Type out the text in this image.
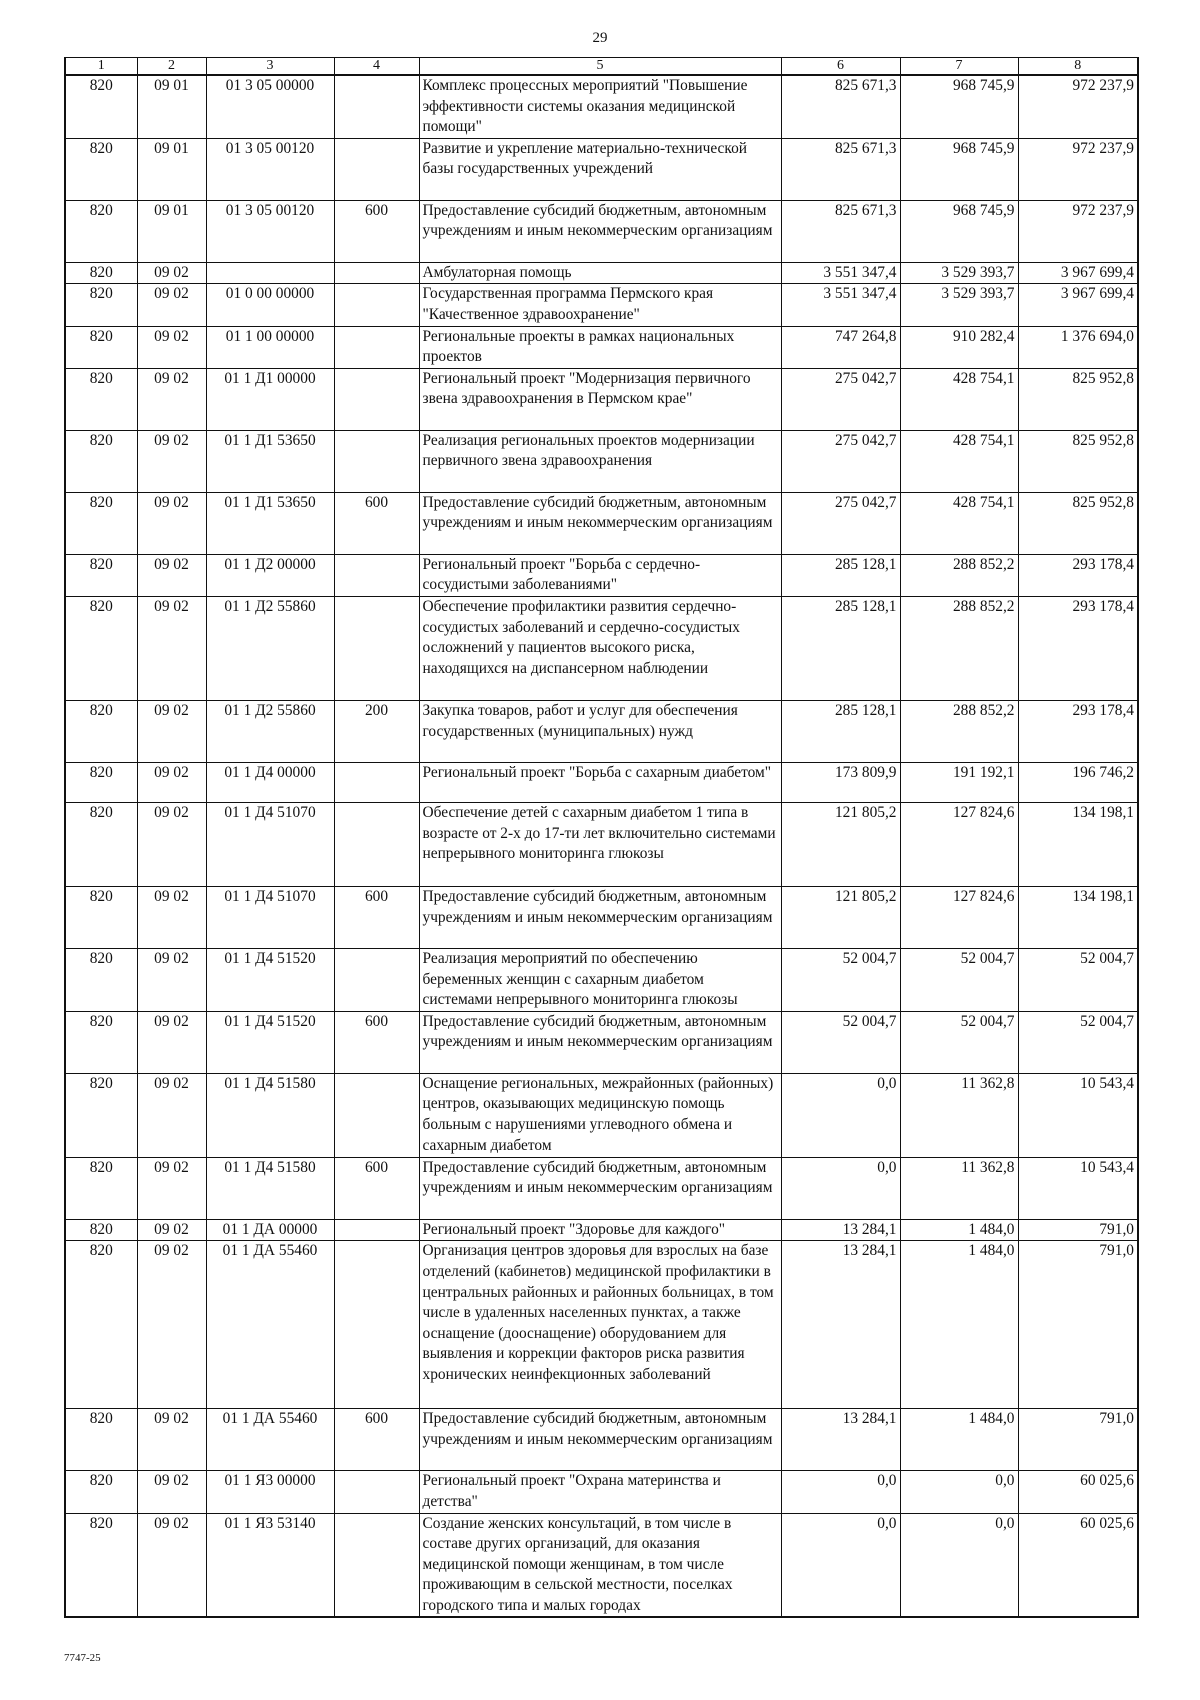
29
1	2	3	4	5	6	7	8
820	09 01	01 3 05 00000		Комплекс процессных мероприятий "Повышение эффективности системы оказания медицинской помощи"	825 671,3	968 745,9	972 237,9
820	09 01	01 3 05 00120		Развитие и укрепление материально-технической базы государственных учреждений	825 671,3	968 745,9	972 237,9
820	09 01	01 3 05 00120	600	Предоставление субсидий бюджетным, автономным учреждениям и иным некоммерческим организациям	825 671,3	968 745,9	972 237,9
820	09 02			Амбулаторная помощь	3 551 347,4	3 529 393,7	3 967 699,4
820	09 02	01 0 00 00000		Государственная программа Пермского края "Качественное здравоохранение"	3 551 347,4	3 529 393,7	3 967 699,4
820	09 02	01 1 00 00000		Региональные проекты в рамках национальных проектов	747 264,8	910 282,4	1 376 694,0
820	09 02	01 1 Д1 00000		Региональный проект "Модернизация первичного звена здравоохранения в Пермском крае"	275 042,7	428 754,1	825 952,8
820	09 02	01 1 Д1 53650		Реализация региональных проектов модернизации первичного звена здравоохранения	275 042,7	428 754,1	825 952,8
820	09 02	01 1 Д1 53650	600	Предоставление субсидий бюджетным, автономным учреждениям и иным некоммерческим организациям	275 042,7	428 754,1	825 952,8
820	09 02	01 1 Д2 00000		Региональный проект "Борьба с сердечно-сосудистыми заболеваниями"	285 128,1	288 852,2	293 178,4
820	09 02	01 1 Д2 55860		Обеспечение профилактики развития сердечно-сосудистых заболеваний и сердечно-сосудистых осложнений у пациентов высокого риска, находящихся на диспансерном наблюдении	285 128,1	288 852,2	293 178,4
820	09 02	01 1 Д2 55860	200	Закупка товаров, работ и услуг для обеспечения государственных (муниципальных) нужд	285 128,1	288 852,2	293 178,4
820	09 02	01 1 Д4 00000		Региональный проект "Борьба с сахарным диабетом"	173 809,9	191 192,1	196 746,2
820	09 02	01 1 Д4 51070		Обеспечение детей с сахарным диабетом 1 типа в возрасте от 2-х до 17-ти лет включительно системами непрерывного мониторинга глюкозы	121 805,2	127 824,6	134 198,1
820	09 02	01 1 Д4 51070	600	Предоставление субсидий бюджетным, автономным учреждениям и иным некоммерческим организациям	121 805,2	127 824,6	134 198,1
820	09 02	01 1 Д4 51520		Реализация мероприятий по обеспечению беременных женщин с сахарным диабетом системами непрерывного мониторинга глюкозы	52 004,7	52 004,7	52 004,7
820	09 02	01 1 Д4 51520	600	Предоставление субсидий бюджетным, автономным учреждениям и иным некоммерческим организациям	52 004,7	52 004,7	52 004,7
820	09 02	01 1 Д4 51580		Оснащение региональных, межрайонных (районных) центров, оказывающих медицинскую помощь больным с нарушениями углеводного обмена и сахарным диабетом	0,0	11 362,8	10 543,4
820	09 02	01 1 Д4 51580	600	Предоставление субсидий бюджетным, автономным учреждениям и иным некоммерческим организациям	0,0	11 362,8	10 543,4
820	09 02	01 1 ДА 00000		Региональный проект "Здоровье для каждого"	13 284,1	1 484,0	791,0
820	09 02	01 1 ДА 55460		Организация центров здоровья для взрослых на базе отделений (кабинетов) медицинской профилактики в центральных районных и районных больницах, в том числе в удаленных населенных пунктах, а также оснащение (дооснащение) оборудованием для выявления и коррекции факторов риска развития хронических неинфекционных заболеваний	13 284,1	1 484,0	791,0
820	09 02	01 1 ДА 55460	600	Предоставление субсидий бюджетным, автономным учреждениям и иным некоммерческим организациям	13 284,1	1 484,0	791,0
820	09 02	01 1 Я3 00000		Региональный проект "Охрана материнства и детства"	0,0	0,0	60 025,6
820	09 02	01 1 Я3 53140		Создание женских консультаций, в том числе в составе других организаций, для оказания медицинской помощи женщинам, в том числе проживающим в сельской местности, поселках городского типа и малых городах	0,0	0,0	60 025,6
7747-25
